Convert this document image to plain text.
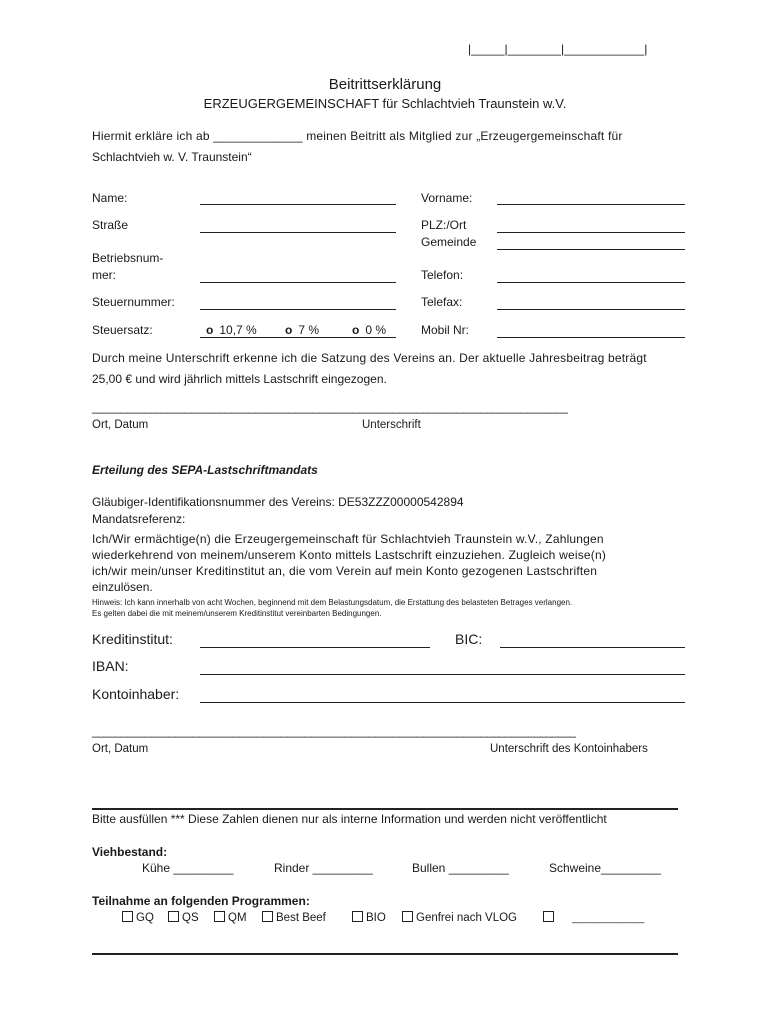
|_____|________|____________|
Beitrittserklärung
ERZEUGERGEMEINSCHAFT für Schlachtvieh Traunstein w.V.
Hiermit erkläre ich ab _____________ meinen Beitritt als Mitglied zur „Erzeugergemeinschaft für
Schlachtvieh w. V. Traunstein“
Name:	Vorname:
Straße	PLZ:/Ort
Gemeinde
Betriebsnum-
mer:	Telefon:
Steuernummer:	Telefax:
Steuersatz:	o 10,7 % o 7 %	o 0 %	Mobil Nr:
Durch meine Unterschrift erkenne ich die Satzung des Vereins an. Der aktuelle Jahresbeitrag beträgt
25,00 € und wird jährlich mittels Lastschrift eingezogen.
__________________________________________________________________________________
Ort, Datum	Unterschrift
Erteilung des SEPA-Lastschriftmandats
Gläubiger-Identifikationsnummer des Vereins: DE53ZZZ00000542894
Mandatsreferenz:
Ich/Wir ermächtige(n) die Erzeugergemeinschaft für Schlachtvieh Traunstein w.V., Zahlungen
wiederkehrend von meinem/unserem Konto mittels Lastschrift einzuziehen. Zugleich weise(n)
ich/wir mein/unser Kreditinstitut an, die vom Verein auf mein Konto gezogenen Lastschriften
einzulösen.
Hinweis: Ich kann innerhalb von acht Wochen, beginnend mit dem Belastungsdatum, die Erstattung des belasteten Betrages verlangen.
Es gelten dabei die mit meinem/unserem Kreditinstitut vereinbarten Bedingungen.
Kreditinstitut:	BIC:
IBAN:
Kontoinhaber:
__________________________________________________________________________________
Ort, Datum	Unterschrift des Kontoinhabers
Bitte ausfüllen *** Diese Zahlen dienen nur als interne Information und werden nicht veröffentlicht
Viehbestand:
Kühe _________	Rinder _________	Bullen _________	Schweine_________
Teilnahme an folgenden Programmen:
GQ	QS	QM	Best Beef	BIO	Genfrei nach VLOG	_____________
